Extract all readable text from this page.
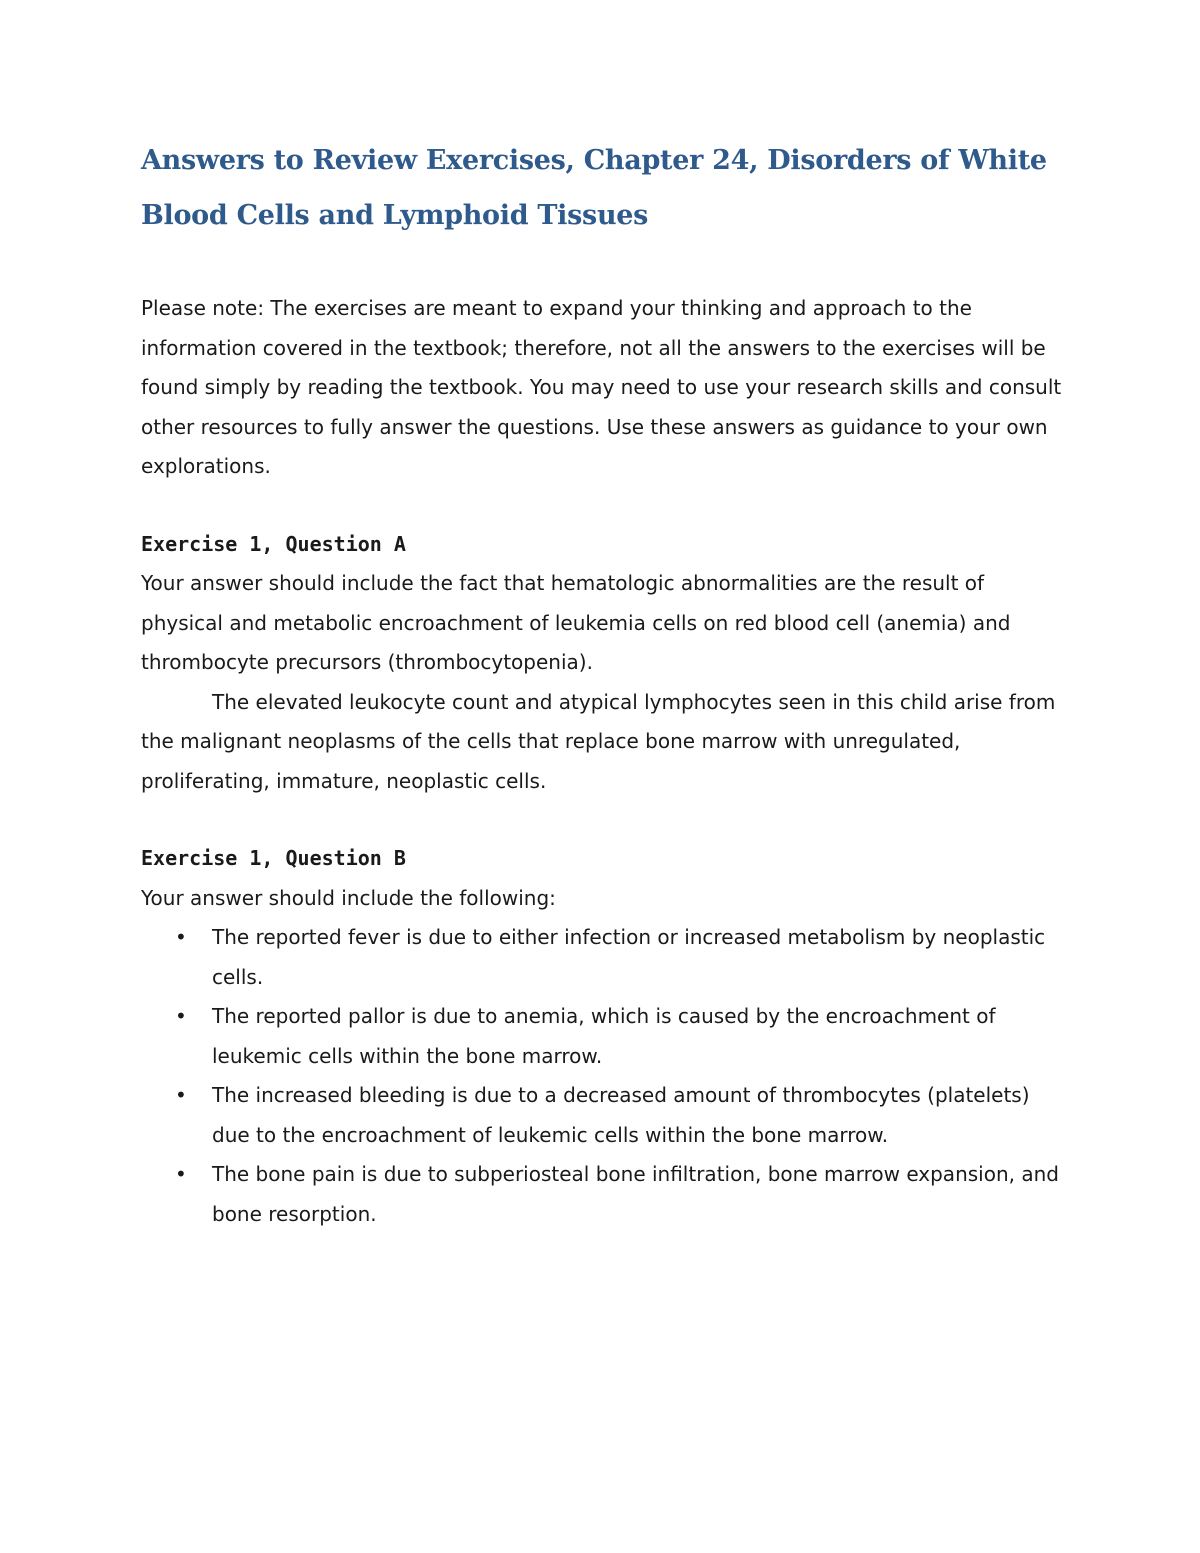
Answers to Review Exercises, Chapter 24, Disorders of White Blood Cells and Lymphoid Tissues

Please note: The exercises are meant to expand your thinking and approach to the information covered in the textbook; therefore, not all the answers to the exercises will be found simply by reading the textbook. You may need to use your research skills and consult other resources to fully answer the questions. Use these answers as guidance to your own explorations.

Exercise 1, Question A

Your answer should include the fact that hematologic abnormalities are the result of physical and metabolic encroachment of leukemia cells on red blood cell (anemia) and thrombocyte precursors (thrombocytopenia).

The elevated leukocyte count and atypical lymphocytes seen in this child arise from the malignant neoplasms of the cells that replace bone marrow with unregulated, proliferating, immature, neoplastic cells.

Exercise 1, Question B

Your answer should include the following:

• The reported fever is due to either infection or increased metabolism by neoplastic cells.
• The reported pallor is due to anemia, which is caused by the encroachment of leukemic cells within the bone marrow.
• The increased bleeding is due to a decreased amount of thrombocytes (platelets) due to the encroachment of leukemic cells within the bone marrow.
• The bone pain is due to subperiosteal bone infiltration, bone marrow expansion, and bone resorption.
